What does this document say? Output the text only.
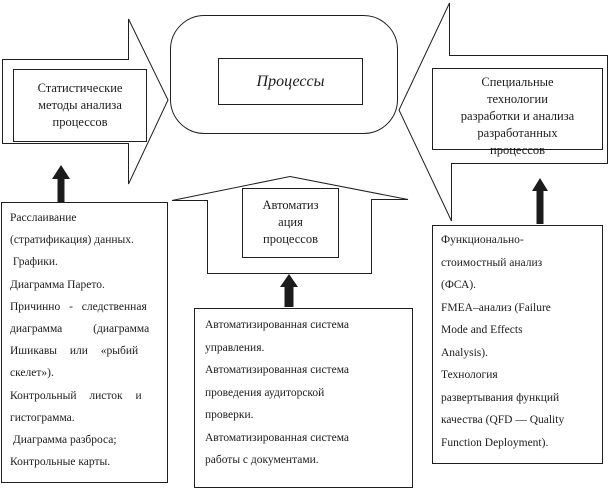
Процессы
Статистические
методы анализа
процессов
Специальные
технологии
разработки и анализа
разработанных
процессов
Автоматиз
ация
процессов
Расслаивание
(стратификация) данных.
Графики.
Диаграмма Парето.
Причинно - следственная
диаграмма (диаграмма
Ишикавы или «рыбий
скелет»).
Контрольный листок и
гистограмма.
Диаграмма разброса;
Контрольные карты.
Автоматизированная система
управления.
Автоматизированная система
проведения аудиторской
проверки.
Автоматизированная система
работы с документами.
Функционально-
стоимостный анализ
(ФСА).
FMEA–анализ (Failure
Mode and Effects
Analysis).
Технология
развертывания функций
качества (QFD — Quality
Function Deployment).
